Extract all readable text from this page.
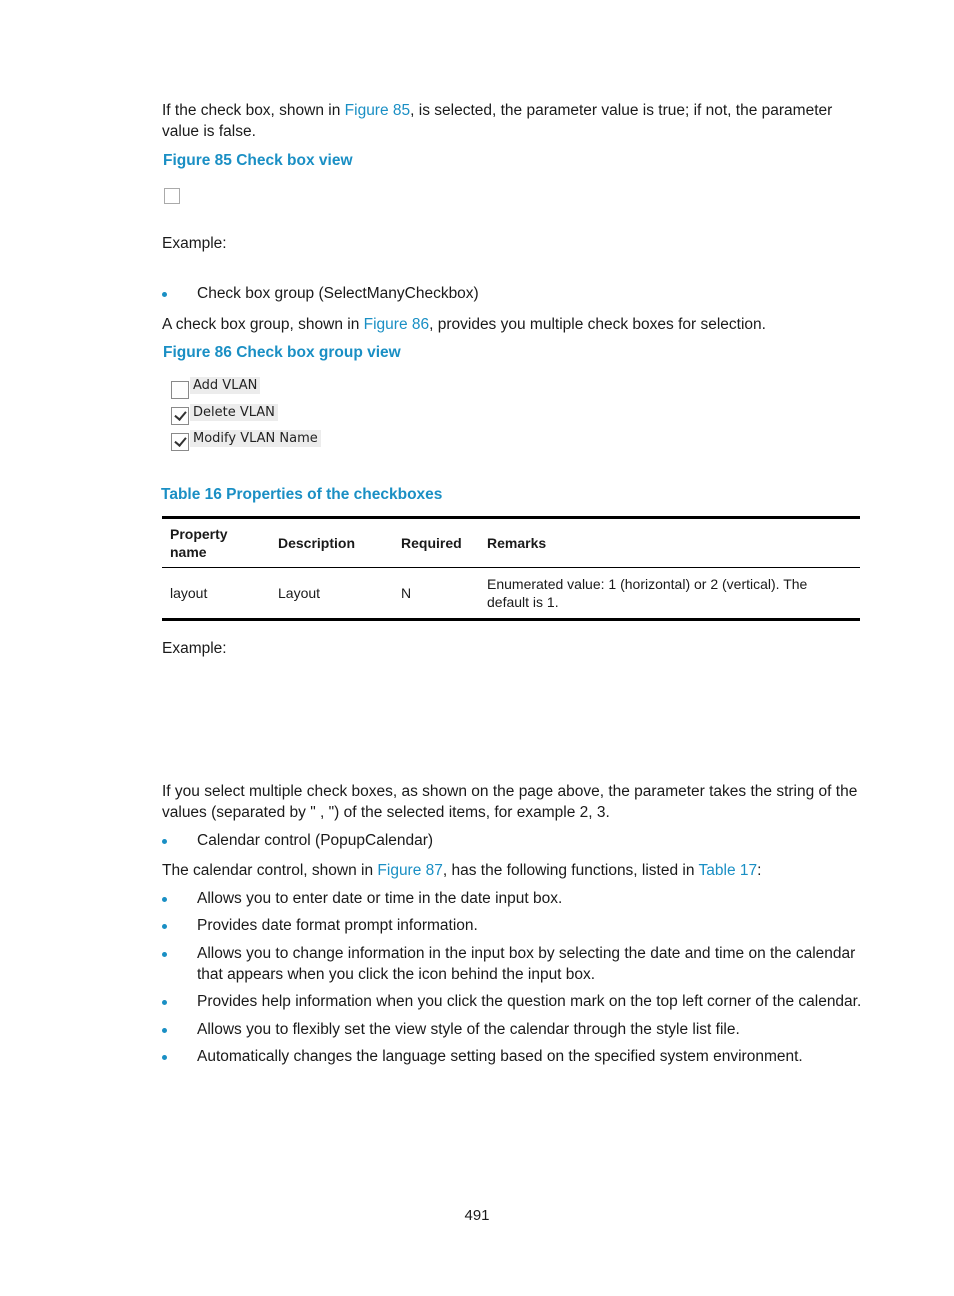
If the check box, shown in Figure 85, is selected, the parameter value is true; if not, the parameter value is false.
Figure 85 Check box view
Example:
Check box group (SelectManyCheckbox)
A check box group, shown in Figure 86, provides you multiple check boxes for selection.
Figure 86 Check box group view
Add VLAN
Delete VLAN
Modify VLAN Name
Table 16 Properties of the checkboxes
Property name	Description	Required	Remarks
layout	Layout	N	Enumerated value: 1 (horizontal) or 2 (vertical). The default is 1.
Example:
If you select multiple check boxes, as shown on the page above, the parameter takes the string of the values (separated by " , ") of the selected items, for example 2, 3.
Calendar control (PopupCalendar)
The calendar control, shown in Figure 87, has the following functions, listed in Table 17:
Allows you to enter date or time in the date input box.
Provides date format prompt information.
Allows you to change information in the input box by selecting the date and time on the calendar that appears when you click the icon behind the input box.
Provides help information when you click the question mark on the top left corner of the calendar.
Allows you to flexibly set the view style of the calendar through the style list file.
Automatically changes the language setting based on the specified system environment.
491
